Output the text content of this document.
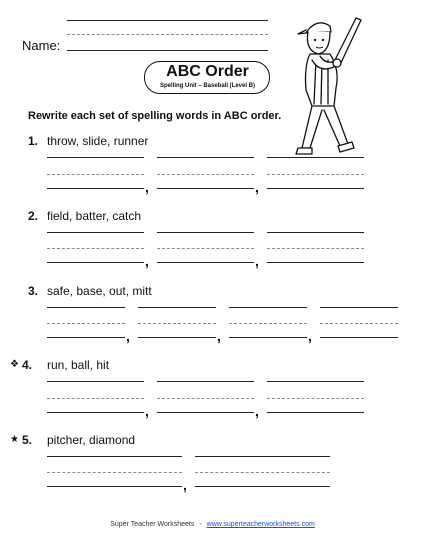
Name:
ABC Order
Spelling Unit – Baseball (Level B)
Rewrite each set of spelling words in ABC order.
1. throw, slide, runner
,	,
2. field, batter, catch
,	,
3. safe, base, out, mitt
,	,	,
❖ 4. run, ball, hit
,	,
★ 5. pitcher, diamond
,
Super Teacher Worksheets - www.superteacherworksheets.com
